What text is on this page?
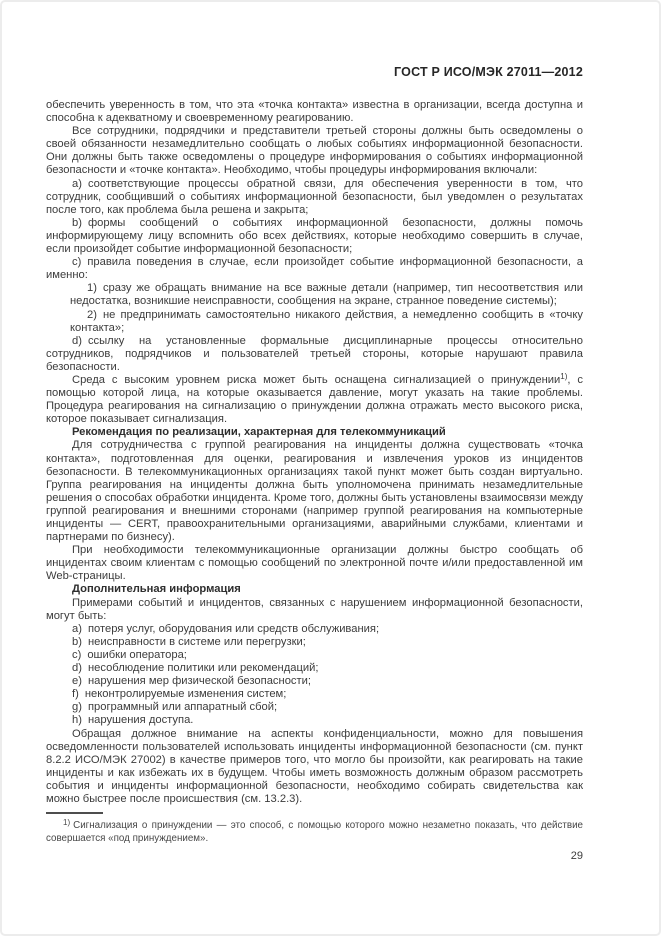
ГОСТ Р ИСО/МЭК 27011—2012

обеспечить уверенность в том, что эта «точка контакта» известна в организации, всегда доступна и способна к адекватному и своевременному реагированию.

Все сотрудники, подрядчики и представители третьей стороны должны быть осведомлены о своей обязанности незамедлительно сообщать о любых событиях информационной безопасности. Они должны быть также осведомлены о процедуре информирования о событиях информационной безопасности и «точке контакта». Необходимо, чтобы процедуры информирования включали:

a) соответствующие процессы обратной связи, для обеспечения уверенности в том, что сотрудник, сообщивший о событиях информационной безопасности, был уведомлен о результатах после того, как проблема была решена и закрыта;

b) формы сообщений о событиях информационной безопасности, должны помочь информирующему лицу вспомнить обо всех действиях, которые необходимо совершить в случае, если произойдет событие информационной безопасности;

c) правила поведения в случае, если произойдет событие информационной безопасности, а именно:

1) сразу же обращать внимание на все важные детали (например, тип несоответствия или недостатка, возникшие неисправности, сообщения на экране, странное поведение системы);

2) не предпринимать самостоятельно никакого действия, а немедленно сообщить в «точку контакта»;

d) ссылку на установленные формальные дисциплинарные процессы относительно сотрудников, подрядчиков и пользователей третьей стороны, которые нарушают правила безопасности.

Среда с высоким уровнем риска может быть оснащена сигнализацией о принуждении$^{1)}$, с помощью которой лица, на которые оказывается давление, могут указать на такие проблемы. Процедура реагирования на сигнализацию о принуждении должна отражать место высокого риска, которое показывает сигнализация.

Рекомендация по реализации, характерная для телекоммуникаций

Для сотрудничества с группой реагирования на инциденты должна существовать «точка контакта», подготовленная для оценки, реагирования и извлечения уроков из инцидентов безопасности. В телекоммуникационных организациях такой пункт может быть создан виртуально. Группа реагирования на инциденты должна быть уполномочена принимать незамедлительные решения о способах обработки инцидента. Кроме того, должны быть установлены взаимосвязи между группой реагирования и внешними сторонами (например группой реагирования на компьютерные инциденты — CERT, правоохранительными организациями, аварийными службами, клиентами и партнерами по бизнесу).

При необходимости телекоммуникационные организации должны быстро сообщать об инцидентах своим клиентам с помощью сообщений по электронной почте и/или предоставленной им Web-страницы.

Дополнительная информация

Примерами событий и инцидентов, связанных с нарушением информационной безопасности, могут быть:

a) потеря услуг, оборудования или средств обслуживания;

b) неисправности в системе или перегрузки;

c) ошибки оператора;

d) несоблюдение политики или рекомендаций;

e) нарушения мер физической безопасности;

f) неконтролируемые изменения систем;

g) программный или аппаратный сбой;

h) нарушения доступа.

Обращая должное внимание на аспекты конфиденциальности, можно для повышения осведомленности пользователей использовать инциденты информационной безопасности (см. пункт 8.2.2 ИСО/МЭК 27002) в качестве примеров того, что могло бы произойти, как реагировать на такие инциденты и как избежать их в будущем. Чтобы иметь возможность должным образом рассмотреть события и инциденты информационной безопасности, необходимо собирать свидетельства как можно быстрее после происшествия (см. 13.2.3).

$^{1)}$ Сигнализация о принуждении — это способ, с помощью которого можно незаметно показать, что действие совершается «под принуждением».
29
